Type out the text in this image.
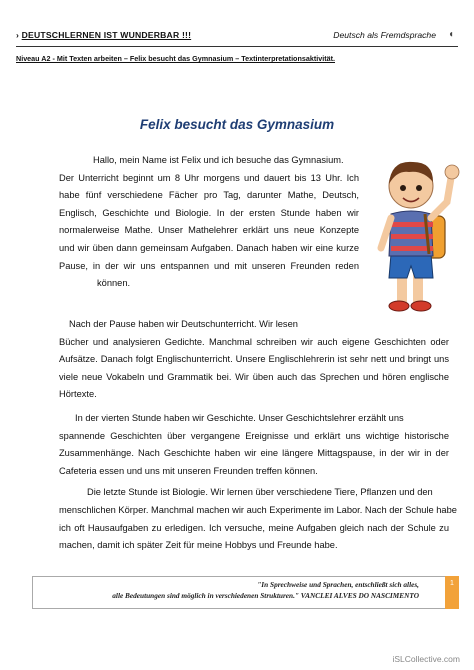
› DEUTSCHLERNEN IST WUNDERBAR !!!	Deutsch als Fremdsprache ◖
Niveau A2 - Mit Texten arbeiten – Felix besucht das Gymnasium – Textinterpretationsaktivität.
Felix besucht das Gymnasium
Hallo, mein Name ist Felix und ich besuche das Gymnasium.
Der Unterricht beginnt um 8 Uhr morgens und dauert bis 13 Uhr. Ich
habe fünf verschiedene Fächer pro Tag, darunter Mathe, Deutsch,
Englisch, Geschichte und Biologie. In der ersten Stunde haben wir
normalerweise Mathe. Unser Mathelehrer erklärt uns neue Konzepte
und wir üben dann gemeinsam Aufgaben. Danach haben wir eine kurze
Pause, in der wir uns entspannen und mit unseren Freunden reden
können.
Nach der Pause haben wir Deutschunterricht. Wir lesen
Bücher und analysieren Gedichte. Manchmal schreiben wir auch eigene Geschichten oder
Aufsätze. Danach folgt Englischunterricht. Unsere Englischlehrerin ist sehr nett und bringt uns
viele neue Vokabeln und Grammatik bei. Wir üben auch das Sprechen und hören englische
Hörtexte.
In der vierten Stunde haben wir Geschichte. Unser Geschichtslehrer erzählt uns
spannende Geschichten über vergangene Ereignisse und erklärt uns wichtige historische
Zusammenhänge. Nach Geschichte haben wir eine längere Mittagspause, in der wir in der
Cafeteria essen und uns mit unseren Freunden treffen können.
Die letzte Stunde ist Biologie. Wir lernen über verschiedene Tiere, Pflanzen und den
menschlichen Körper. Manchmal machen wir auch Experimente im Labor. Nach der Schule habe
ich oft Hausaufgaben zu erledigen. Ich versuche, meine Aufgaben gleich nach der Schule zu
machen, damit ich später Zeit für meine Hobbys und Freunde habe.
"In Sprechweise und Sprachen, entschließt sich alles,
alle Bedeutungen sind möglich in verschiedenen Strukturen." VANCLEI ALVES DO NASCIMENTO
1
iSLCollective.com
